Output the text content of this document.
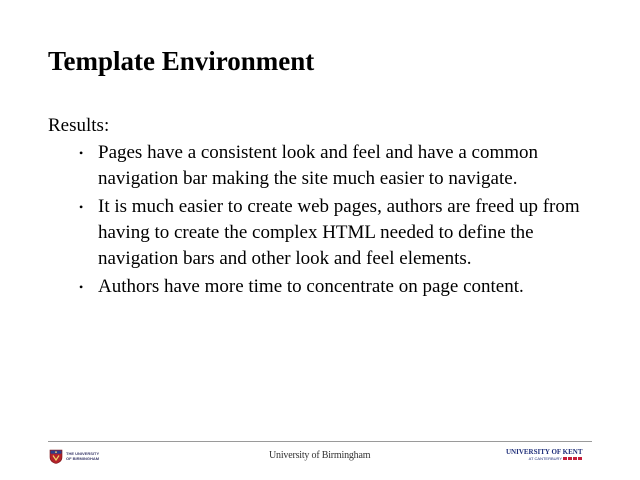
Template Environment

Results:

• Pages have a consistent look and feel and have a common navigation bar making the site much easier to navigate.
• It is much easier to create web pages, authors are freed up from having to create the complex HTML needed to define the navigation bars and other look and feel elements.
• Authors have more time to concentrate on page content.
THE UNIVERSITY
OF BIRMINGHAM	University of Birmingham	UNIVERSITY OF KENT
AT CANTERBURY
